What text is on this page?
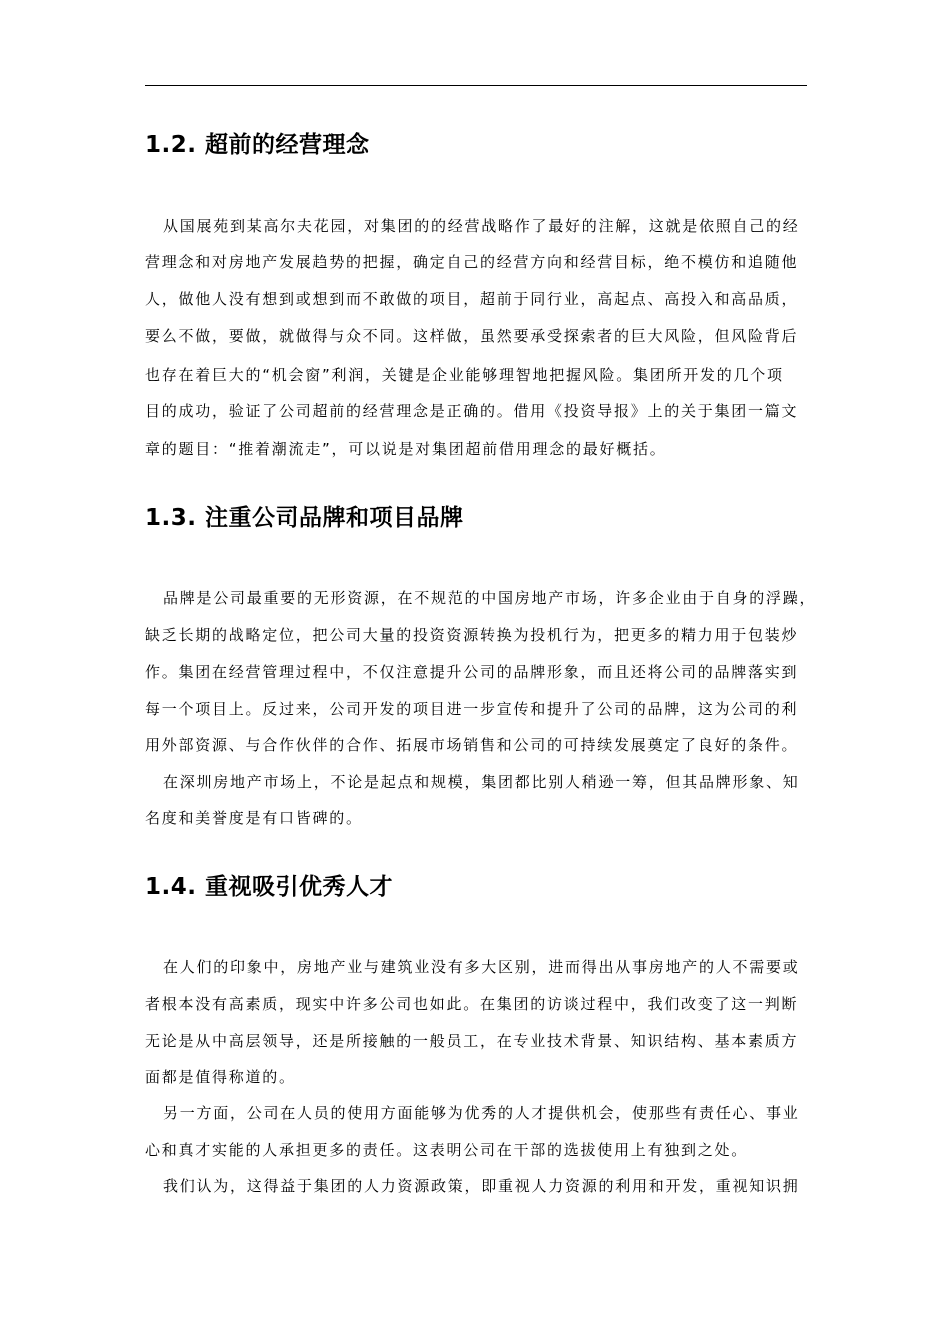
1.2. 超前的经营理念
从国展苑到某高尔夫花园，对集团的的经营战略作了最好的注解，这就是依照自己的经
营理念和对房地产发展趋势的把握，确定自己的经营方向和经营目标，绝不模仿和追随他
人，做他人没有想到或想到而不敢做的项目，超前于同行业，高起点、高投入和高品质，
要么不做，要做，就做得与众不同。这样做，虽然要承受探索者的巨大风险，但风险背后
也存在着巨大的“机会窗”利润，关键是企业能够理智地把握风险。集团所开发的几个项
目的成功，验证了公司超前的经营理念是正确的。借用《投资导报》上的关于集团一篇文
章的题目：“推着潮流走”，可以说是对集团超前借用理念的最好概括。
1.3. 注重公司品牌和项目品牌
品牌是公司最重要的无形资源，在不规范的中国房地产市场，许多企业由于自身的浮躁，
缺乏长期的战略定位，把公司大量的投资资源转换为投机行为，把更多的精力用于包装炒
作。集团在经营管理过程中，不仅注意提升公司的品牌形象，而且还将公司的品牌落实到
每一个项目上。反过来，公司开发的项目进一步宣传和提升了公司的品牌，这为公司的利
用外部资源、与合作伙伴的合作、拓展市场销售和公司的可持续发展奠定了良好的条件。
在深圳房地产市场上，不论是起点和规模，集团都比别人稍逊一筹，但其品牌形象、知
名度和美誉度是有口皆碑的。
1.4. 重视吸引优秀人才
在人们的印象中，房地产业与建筑业没有多大区别，进而得出从事房地产的人不需要或
者根本没有高素质，现实中许多公司也如此。在集团的访谈过程中，我们改变了这一判断
无论是从中高层领导，还是所接触的一般员工，在专业技术背景、知识结构、基本素质方
面都是值得称道的。
另一方面，公司在人员的使用方面能够为优秀的人才提供机会，使那些有责任心、事业
心和真才实能的人承担更多的责任。这表明公司在干部的选拔使用上有独到之处。
我们认为，这得益于集团的人力资源政策，即重视人力资源的利用和开发，重视知识拥
